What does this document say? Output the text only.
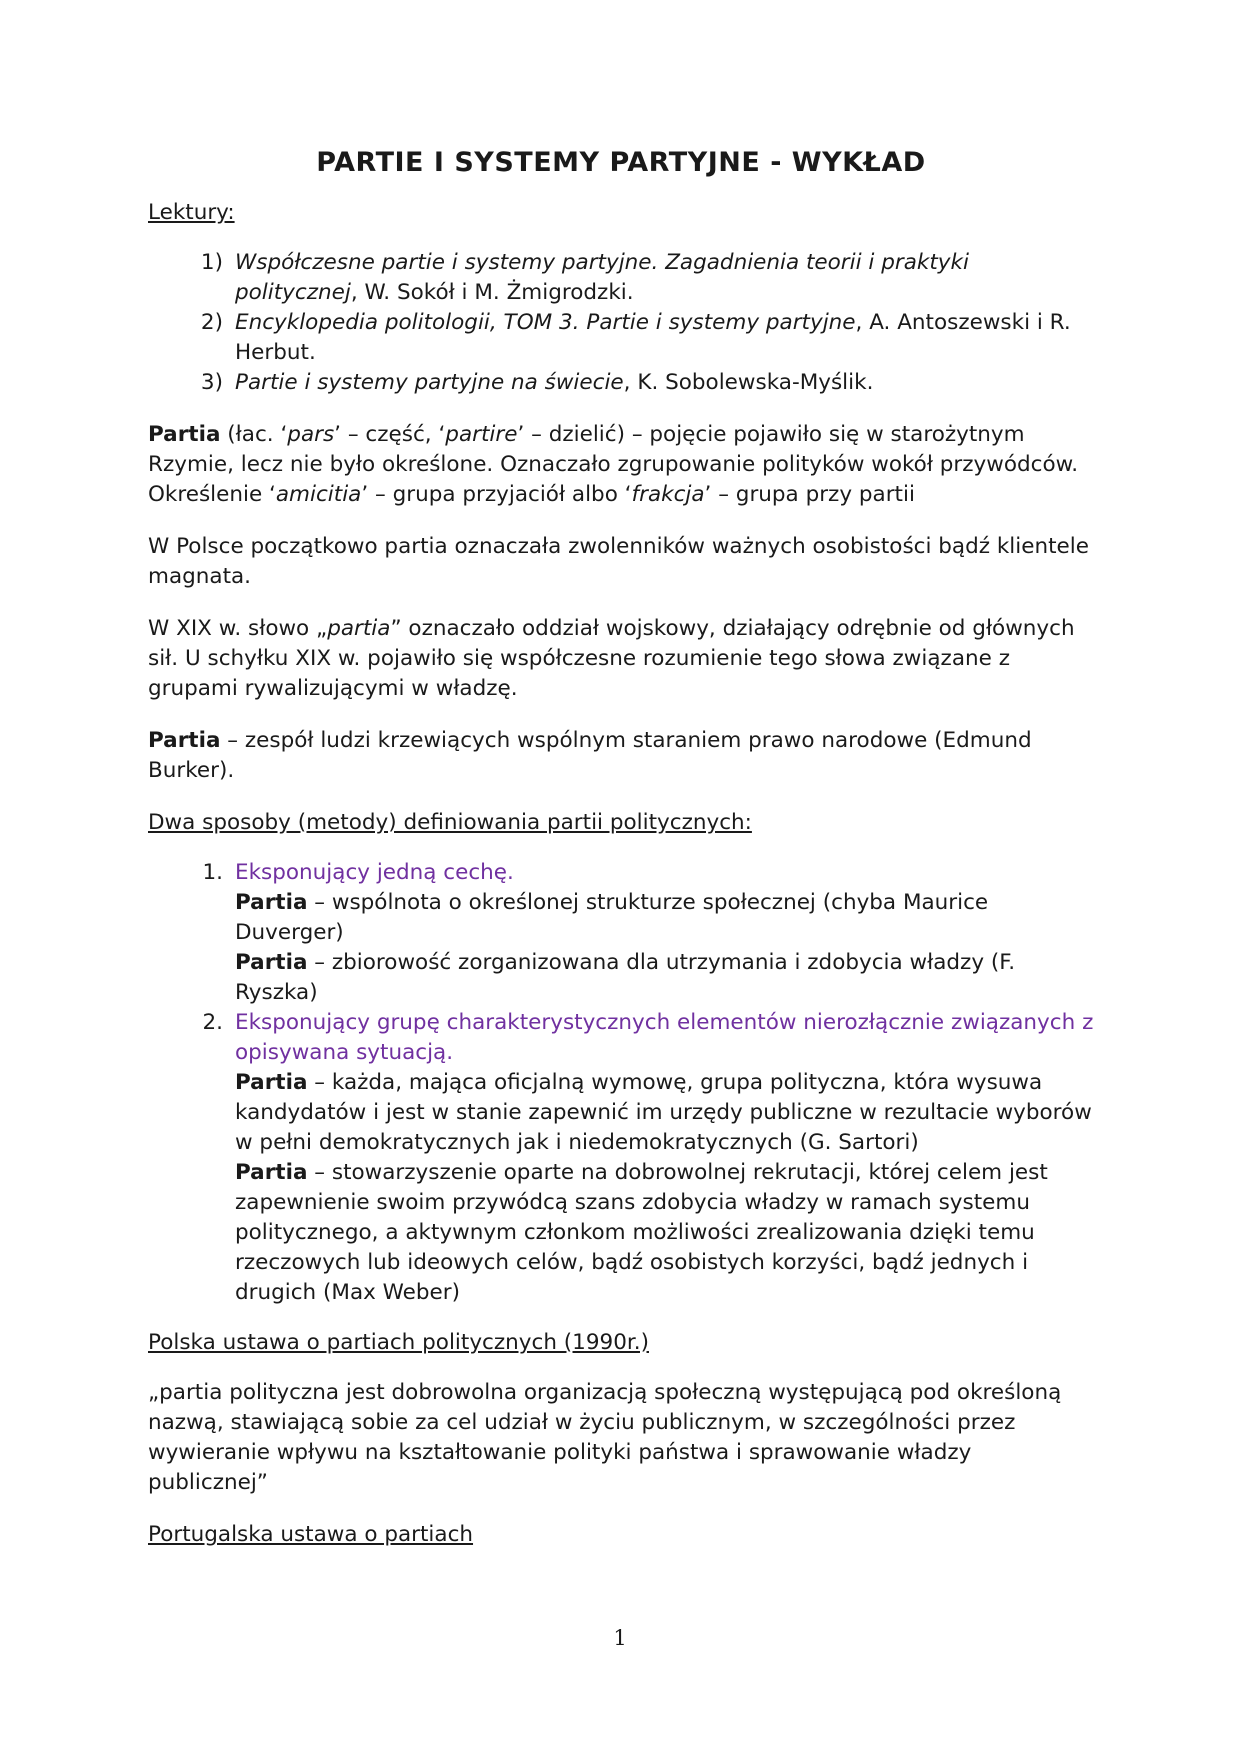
PARTIE I SYSTEMY PARTYJNE - WYKŁAD
Lektury:
1) Współczesne partie i systemy partyjne. Zagadnienia teorii i praktyki politycznej, W. Sokół i M. Żmigrodzki.
2) Encyklopedia politologii, TOM 3. Partie i systemy partyjne, A. Antoszewski i R. Herbut.
3) Partie i systemy partyjne na świecie, K. Sobolewska-Myślik.

Partia (łac. ‘pars’ – część, ‘partire’ – dzielić) – pojęcie pojawiło się w starożytnym Rzymie, lecz nie było określone. Oznaczało zgrupowanie polityków wokół przywódców. Określenie ‘amicitia’ – grupa przyjaciół albo ‘frakcja’ – grupa przy partii

W Polsce początkowo partia oznaczała zwolenników ważnych osobistości bądź klientele magnata.

W XIX w. słowo „partia” oznaczało oddział wojskowy, działający odrębnie od głównych sił. U schyłku XIX w. pojawiło się współczesne rozumienie tego słowa związane z grupami rywalizującymi w władzę.

Partia – zespół ludzi krzewiących wspólnym staraniem prawo narodowe (Edmund Burker).

Dwa sposoby (metody) definiowania partii politycznych:
1. Eksponujący jedną cechę.
Partia – wspólnota o określonej strukturze społecznej (chyba Maurice Duverger)
Partia – zbiorowość zorganizowana dla utrzymania i zdobycia władzy (F. Ryszka)
2. Eksponujący grupę charakterystycznych elementów nierozłącznie związanych z opisywana sytuacją.
Partia – każda, mająca oficjalną wymowę, grupa polityczna, która wysuwa kandydatów i jest w stanie zapewnić im urzędy publiczne w rezultacie wyborów w pełni demokratycznych jak i niedemokratycznych (G. Sartori)
Partia – stowarzyszenie oparte na dobrowolnej rekrutacji, której celem jest zapewnienie swoim przywódcą szans zdobycia władzy w ramach systemu politycznego, a aktywnym członkom możliwości zrealizowania dzięki temu rzeczowych lub ideowych celów, bądź osobistych korzyści, bądź jednych i drugich (Max Weber)
Polska ustawa o partiach politycznych (1990r.)

„partia polityczna jest dobrowolna organizacją społeczną występującą pod określoną nazwą, stawiającą sobie za cel udział w życiu publicznym, w szczególności przez wywieranie wpływu na kształtowanie polityki państwa i sprawowanie władzy publicznej”

Portugalska ustawa o partiach
1
